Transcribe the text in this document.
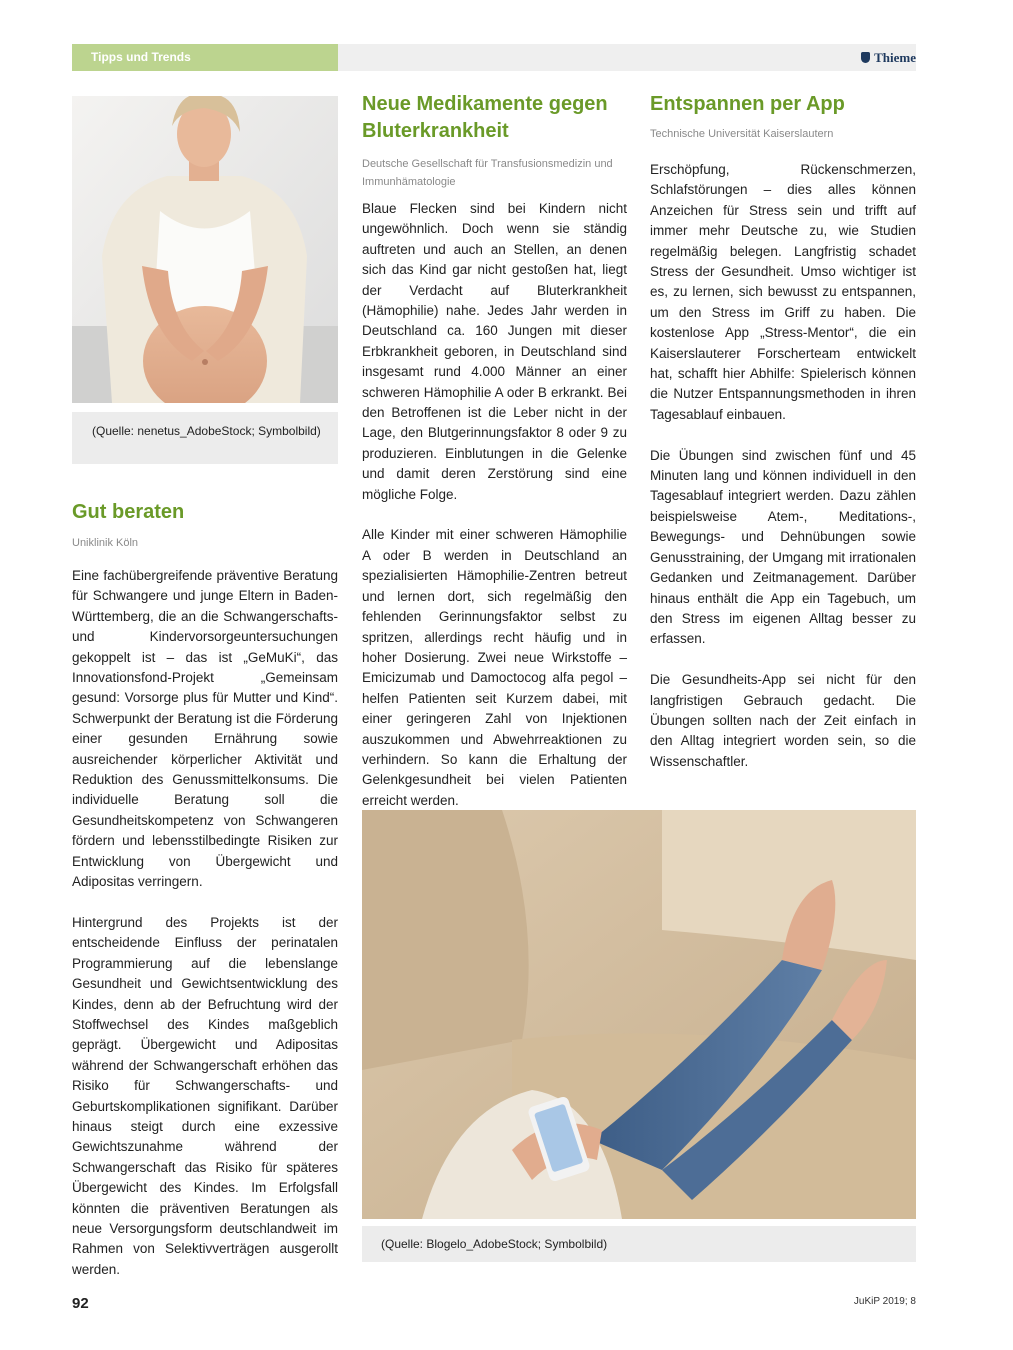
Tipps und Trends	Thieme
(Quelle: nenetus_AdobeStock; Symbolbild)
Gut beraten
Uniklinik Köln

Eine fachübergreifende präventive Beratung für Schwangere und junge Eltern in Baden-Württemberg, die an die Schwangerschafts- und Kindervorsorgeuntersuchungen gekoppelt ist – das ist „GeMuKi“, das Innovationsfond-Projekt „Gemeinsam gesund: Vorsorge plus für Mutter und Kind“. Schwerpunkt der Beratung ist die Förderung einer gesunden Ernährung sowie ausreichender körperlicher Aktivität und Reduktion des Genussmittelkonsums. Die individuelle Beratung soll die Gesundheitskompetenz von Schwangeren fördern und lebensstilbedingte Risiken zur Entwicklung von Übergewicht und Adipositas verringern.

Hintergrund des Projekts ist der entscheidende Einfluss der perinatalen Programmierung auf die lebenslange Gesundheit und Gewichtsentwicklung des Kindes, denn ab der Befruchtung wird der Stoffwechsel des Kindes maßgeblich geprägt. Übergewicht und Adipositas während der Schwangerschaft erhöhen das Risiko für Schwangerschafts- und Geburtskomplikationen signifikant. Darüber hinaus steigt durch eine exzessive Gewichtszunahme während der Schwangerschaft das Risiko für späteres Übergewicht des Kindes. Im Erfolgsfall könnten die präventiven Beratungen als neue Versorgungsform deutschlandweit im Rahmen von Selektivverträgen ausgerollt werden.

Neue Medikamente gegen Bluterkrankheit
Deutsche Gesellschaft für Transfusionsmedizin und Immunhämatologie

Blaue Flecken sind bei Kindern nicht ungewöhnlich. Doch wenn sie ständig auftreten und auch an Stellen, an denen sich das Kind gar nicht gestoßen hat, liegt der Verdacht auf Bluterkrankheit (Hämophilie) nahe. Jedes Jahr werden in Deutschland ca. 160 Jungen mit dieser Erbkrankheit geboren, in Deutschland sind insgesamt rund 4.000 Männer an einer schweren Hämophilie A oder B erkrankt. Bei den Betroffenen ist die Leber nicht in der Lage, den Blutgerinnungsfaktor 8 oder 9 zu produzieren. Einblutungen in die Gelenke und damit deren Zerstörung sind eine mögliche Folge.

Alle Kinder mit einer schweren Hämophilie A oder B werden in Deutschland an spezialisierten Hämophilie-Zentren betreut und lernen dort, sich regelmäßig den fehlenden Gerinnungsfaktor selbst zu spritzen, allerdings recht häufig und in hoher Dosierung. Zwei neue Wirkstoffe – Emicizumab und Damoctocog alfa pegol – helfen Patienten seit Kurzem dabei, mit einer geringeren Zahl von Injektionen auszukommen und Abwehrreaktionen zu verhindern. So kann die Erhaltung der Gelenkgesundheit bei vielen Patienten erreicht werden.

Entspannen per App
Technische Universität Kaiserslautern

Erschöpfung, Rückenschmerzen, Schlafstörungen – dies alles können Anzeichen für Stress sein und trifft auf immer mehr Deutsche zu, wie Studien regelmäßig belegen. Langfristig schadet Stress der Gesundheit. Umso wichtiger ist es, zu lernen, sich bewusst zu entspannen, um den Stress im Griff zu haben. Die kostenlose App „Stress-Mentor“, die ein Kaiserslauterer Forscherteam entwickelt hat, schafft hier Abhilfe: Spielerisch können die Nutzer Entspannungsmethoden in ihren Tagesablauf einbauen.

Die Übungen sind zwischen fünf und 45 Minuten lang und können individuell in den Tagesablauf integriert werden. Dazu zählen beispielsweise Atem-, Meditations-, Bewegungs- und Dehnübungen sowie Genusstraining, der Umgang mit irrationalen Gedanken und Zeitmanagement. Darüber hinaus enthält die App ein Tagebuch, um den Stress im eigenen Alltag besser zu erfassen.

Die Gesundheits-App sei nicht für den langfristigen Gebrauch gedacht. Die Übungen sollten nach der Zeit einfach in den Alltag integriert worden sein, so die Wissenschaftler.

(Quelle: Blogelo_AdobeStock; Symbolbild)
92	JuKiP 2019; 8
